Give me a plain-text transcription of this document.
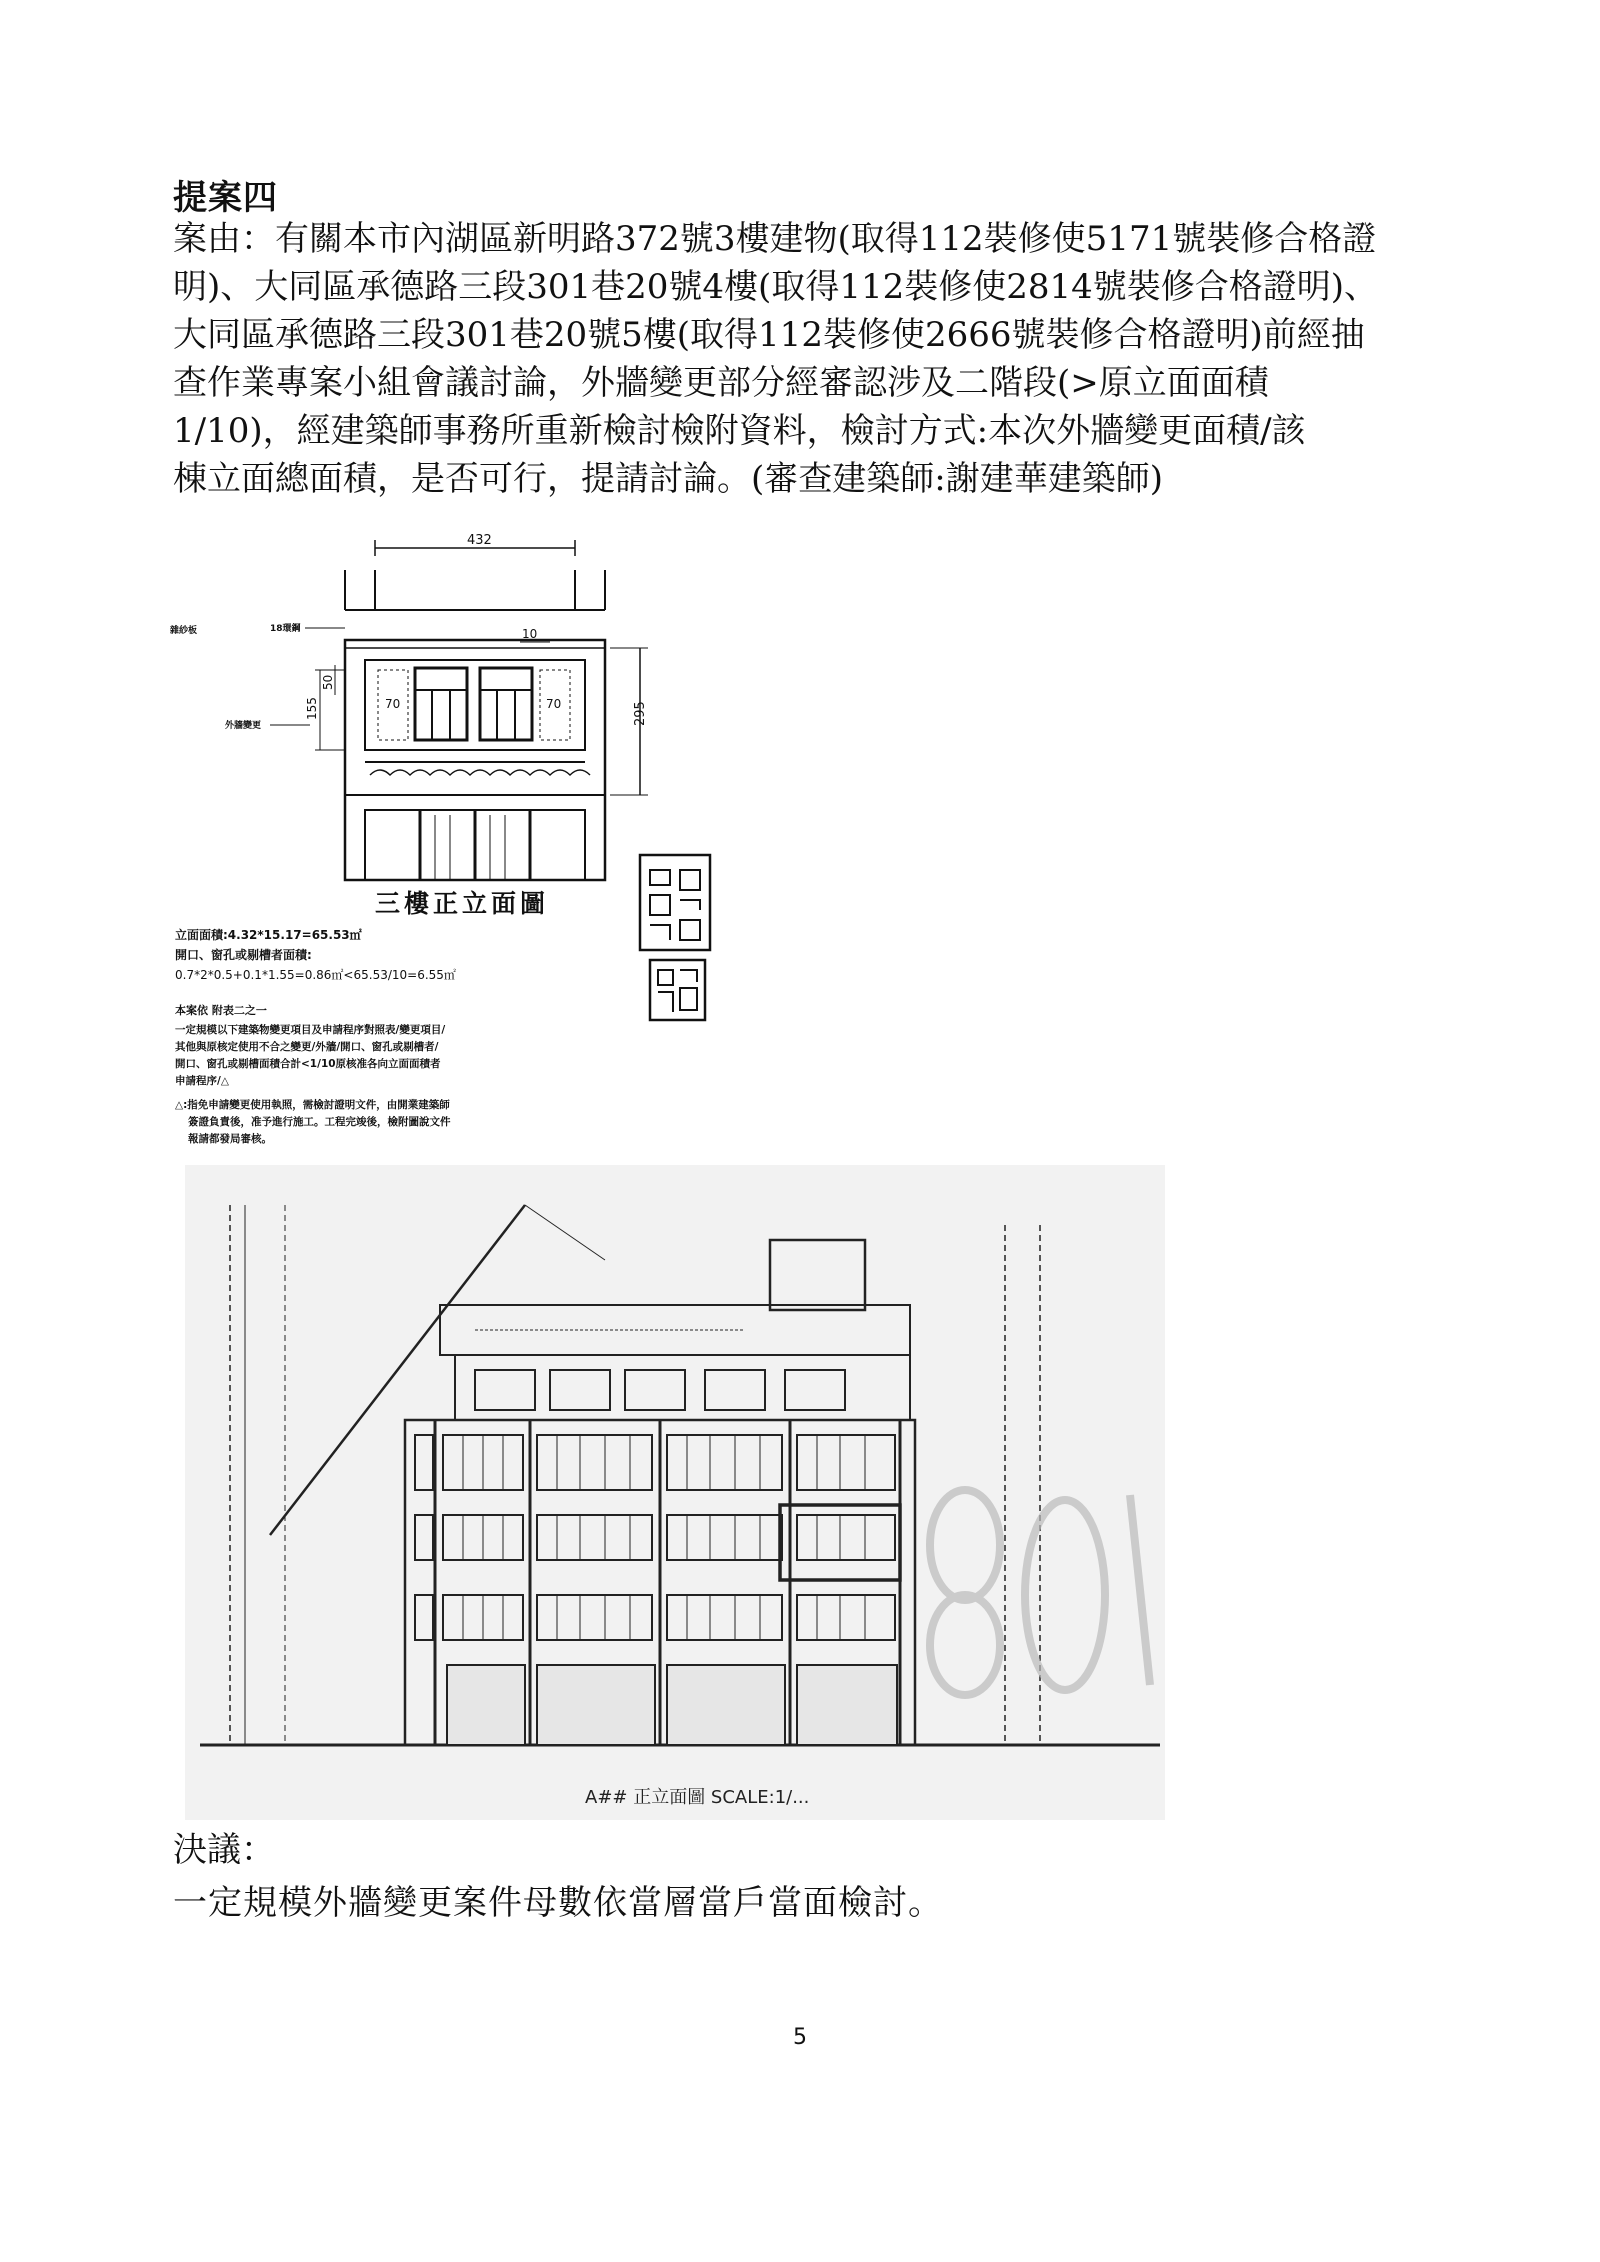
提案四
案由：有關本市內湖區新明路372號3樓建物(取得112裝修使5171號裝修合格證
明)、大同區承德路三段301巷20號4樓(取得112裝修使2814號裝修合格證明)、
大同區承德路三段301巷20號5樓(取得112裝修使2666號裝修合格證明)前經抽
查作業專案小組會議討論，外牆變更部分經審認涉及二階段(>原立面面積
1/10)，經建築師事務所重新檢討檢附資料，檢討方式:本次外牆變更面積/該
棟立面總面積，是否可行，提請討論。(審查建築師:謝建華建築師)
432
雜紗板	18環鋼
外牆變更
70	70
10
295
155
50
三樓正立面圖
立面面積:4.32*15.17=65.53㎡
開口、窗孔或剔槽者面積:
0.7*2*0.5+0.1*1.55=0.86㎡<65.53/10=6.55㎡
本案依 附表二之一
一定規模以下建築物變更項目及申請程序對照表/變更項目/
其他與原核定使用不合之變更/外牆/開口、窗孔或剔槽者/
開口、窗孔或剔槽面積合計<1/10原核准各向立面面積者
申請程序/△
△:指免申請變更使用執照，需檢討證明文件，由開業建築師
簽證負責後，准予進行施工。工程完竣後，檢附圖說文件
報請都發局審核。
A## 正立面圖 SCALE:1/...
決議：
一定規模外牆變更案件母數依當層當戶當面檢討。
5
